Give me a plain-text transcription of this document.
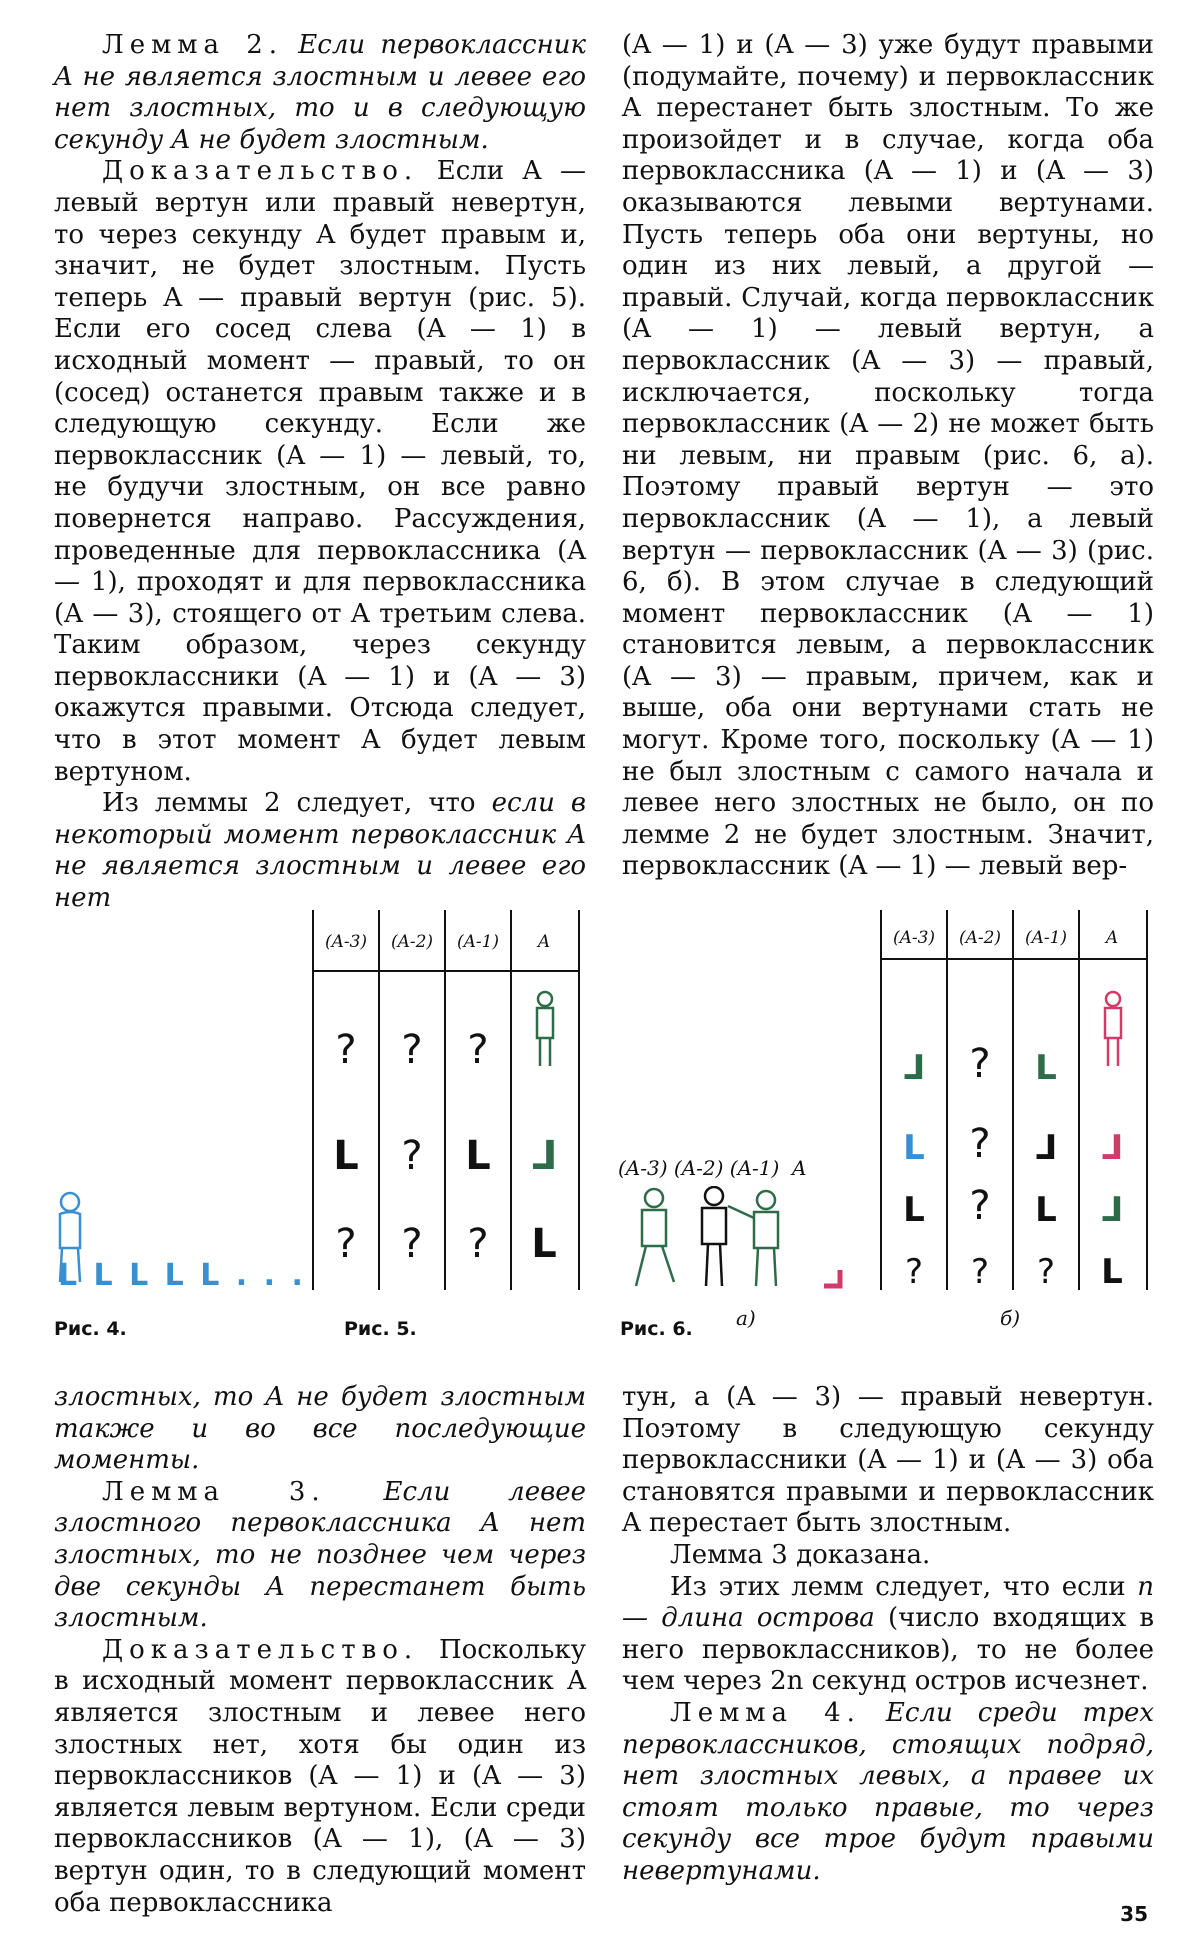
Лемма 2. Если первоклассник A не является злостным и левее его нет злостных, то и в следующую секунду A не будет злостным.

Доказательство. Если A — левый вертун или правый невертун, то через секунду A будет правым и, значит, не будет злостным. Пусть теперь A — правый вертун (рис. 5). Если его сосед слева (A — 1) в исходный момент — правый, то он (сосед) останется правым также и в следующую секунду. Если же первоклассник (A — 1) — левый, то, не будучи злостным, он все равно повернется направо. Рассуждения, проведенные для первоклассника (A — 1), проходят и для первоклассника (A — 3), стоящего от A третьим слева. Таким образом, через секунду первоклассники (A — 1) и (A — 3) окажутся правыми. Отсюда следует, что в этот момент A будет левым вертуном.

Из леммы 2 следует, что если в некоторый момент первоклассник A не является злостным и левее его нет

(A — 1) и (A — 3) уже будут правыми (подумайте, почему) и первоклассник A перестанет быть злостным. То же произойдет и в случае, когда оба первоклассника (A — 1) и (A — 3) оказываются левыми вертунами. Пусть теперь оба они вертуны, но один из них левый, а другой — правый. Случай, когда первоклассник (A — 1) — левый вертун, а первоклассник (A — 3) — правый, исключается, поскольку тогда первоклассник (A — 2) не может быть ни левым, ни правым (рис. 6, а). Поэтому правый вертун — это первоклассник (A — 1), а левый вертун — первоклассник (A — 3) (рис. 6, б). В этом случае в следующий момент первоклассник (A — 1) становится левым, а первоклассник (A — 3) — правым, причем, как и выше, оба они вертунами стать не могут. Кроме того, поскольку (A — 1) не был злостным с самого начала и левее него злостных не было, он по лемме 2 не будет злостным. Значит, первоклассник (A — 1) — левый вер-

L L L L L . . .
Рис. 4.
(A-3)	(A-2)	(A-1)	A
?	?	?
L	?	L	⅃
?	?	?	L
Рис. 5.
(A-3) (A-2) (A-1)  A
Рис. 6. а)
(A-3)	(A-2)	(A-1)	A
⅃	?	L
L	?	⅃	⅃
L	?	L	⅃
?	?	?	L
б)

злостных, то A не будет злостным также и во все последующие моменты.

Лемма 3. Если левее злостного первоклассника A нет злостных, то не позднее чем через две секунды A перестанет быть злостным.

Доказательство. Поскольку в исходный момент первоклассник A является злостным и левее него злостных нет, хотя бы один из первоклассников (A — 1) и (A — 3) является левым вертуном. Если среди первоклассников (A — 1), (A — 3) вертун один, то в следующий момент оба первоклассника

тун, а (A — 3) — правый невертун. Поэтому в следующую секунду первоклассники (A — 1) и (A — 3) оба становятся правыми и первоклассник A перестает быть злостным.

Лемма 3 доказана.

Из этих лемм следует, что если n — длина острова (число входящих в него первоклассников), то не более чем через 2n секунд остров исчезнет.

Лемма 4. Если среди трех первоклассников, стоящих подряд, нет злостных левых, а правее их стоят только правые, то через секунду все трое будут правыми невертунами.

35
